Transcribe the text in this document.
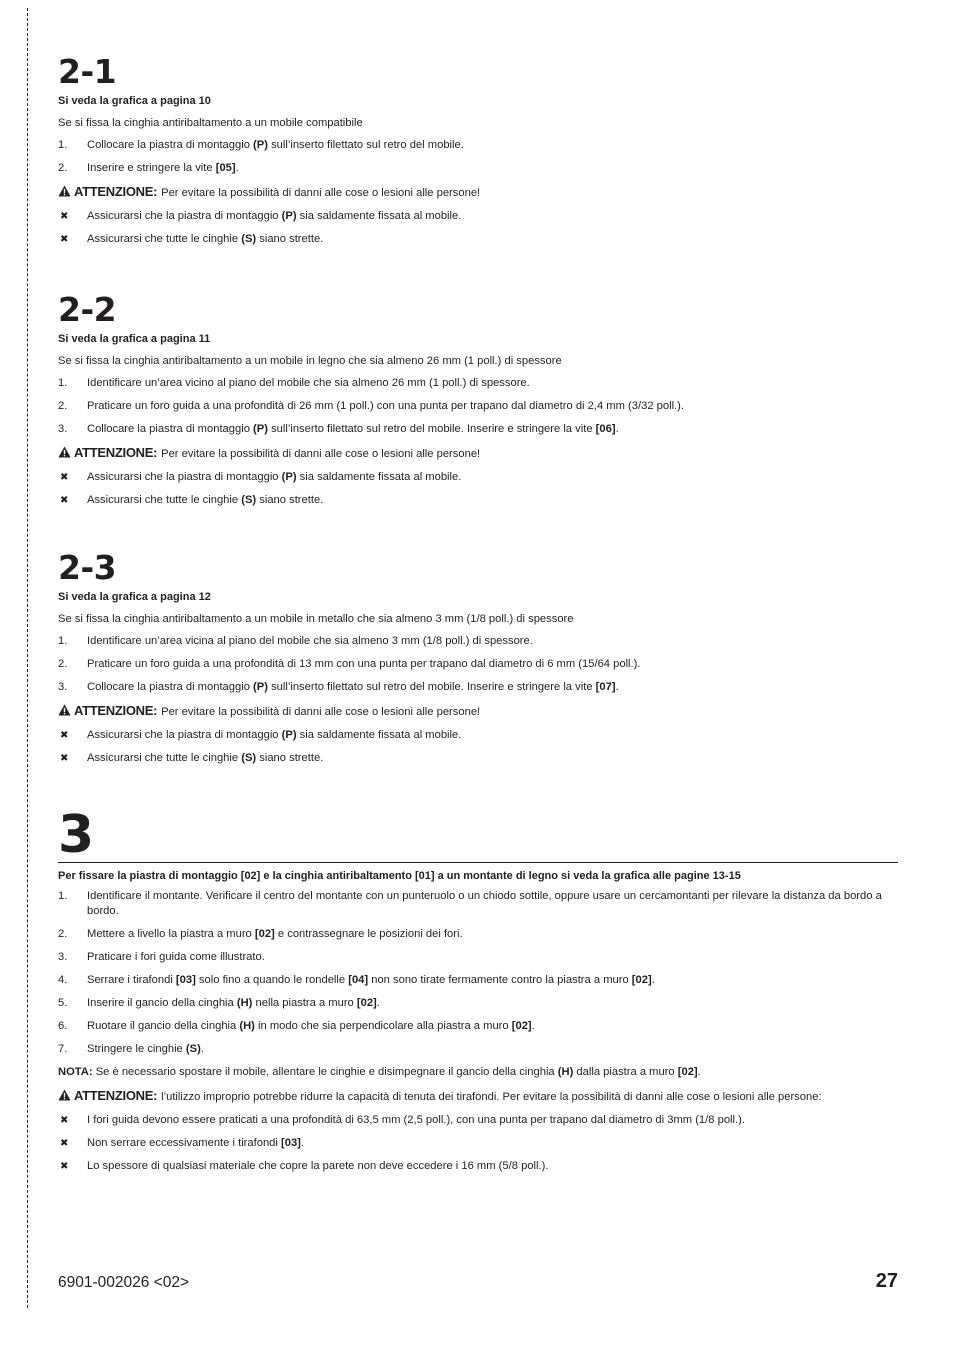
2-1
Si veda la grafica a pagina 10
Se si fissa la cinghia antiribaltamento a un mobile compatibile
1.	Collocare la piastra di montaggio (P) sull’inserto filettato sul retro del mobile.
2.	Inserire e stringere la vite [05].
ATTENZIONE: Per evitare la possibilità di danni alle cose o lesioni alle persone!
✖	Assicurarsi che la piastra di montaggio (P) sia saldamente fissata al mobile.
✖	Assicurarsi che tutte le cinghie (S) siano strette.
2-2
Si veda la grafica a pagina 11
Se si fissa la cinghia antiribaltamento a un mobile in legno che sia almeno 26 mm (1 poll.) di spessore
1.	Identificare un’area vicino al piano del mobile che sia almeno 26 mm (1 poll.) di spessore.
2.	Praticare un foro guida a una profondità di 26 mm (1 poll.) con una punta per trapano dal diametro di 2,4 mm (3/32 poll.).
3.	Collocare la piastra di montaggio (P) sull’inserto filettato sul retro del mobile. Inserire e stringere la vite [06].
ATTENZIONE: Per evitare la possibilità di danni alle cose o lesioni alle persone!
✖	Assicurarsi che la piastra di montaggio (P) sia saldamente fissata al mobile.
✖	Assicurarsi che tutte le cinghie (S) siano strette.
2-3
Si veda la grafica a pagina 12
Se si fissa la cinghia antiribaltamento a un mobile in metallo che sia almeno 3 mm (1/8 poll.) di spessore
1.	Identificare un’area vicina al piano del mobile che sia almeno 3 mm (1/8 poll.) di spessore.
2.	Praticare un foro guida a una profondità di 13 mm con una punta per trapano dal diametro di 6 mm (15/64 poll.).
3.	Collocare la piastra di montaggio (P) sull’inserto filettato sul retro del mobile. Inserire e stringere la vite [07].
ATTENZIONE: Per evitare la possibilità di danni alle cose o lesioni alle persone!
✖	Assicurarsi che la piastra di montaggio (P) sia saldamente fissata al mobile.
✖	Assicurarsi che tutte le cinghie (S) siano strette.
3
Per fissare la piastra di montaggio [02] e la cinghia antiribaltamento [01] a un montante di legno si veda la grafica alle pagine 13-15
1.	Identificare il montante. Verificare il centro del montante con un punteruolo o un chiodo sottile, oppure usare un cercamontanti per rilevare la distanza da bordo a bordo.
2.	Mettere a livello la piastra a muro [02] e contrassegnare le posizioni dei fori.
3.	Praticare i fori guida come illustrato.
4.	Serrare i tirafondi [03] solo fino a quando le rondelle [04] non sono tirate fermamente contro la piastra a muro [02].
5.	Inserire il gancio della cinghia (H) nella piastra a muro [02].
6.	Ruotare il gancio della cinghia (H) in modo che sia perpendicolare alla piastra a muro [02].
7.	Stringere le cinghie (S).
NOTA: Se è necessario spostare il mobile, allentare le cinghie e disimpegnare il gancio della cinghia (H) dalla piastra a muro [02].
ATTENZIONE: l’utilizzo improprio potrebbe ridurre la capacità di tenuta dei tirafondi. Per evitare la possibilità di danni alle cose o lesioni alle persone:
✖	I fori guida devono essere praticati a una profondità di 63,5 mm (2,5 poll.), con una punta per trapano dal diametro di 3mm (1/8 poll.).
✖	Non serrare eccessivamente i tirafondi [03].
✖	Lo spessore di qualsiasi materiale che copre la parete non deve eccedere i 16 mm (5/8 poll.).
6901-002026 <02>	27
